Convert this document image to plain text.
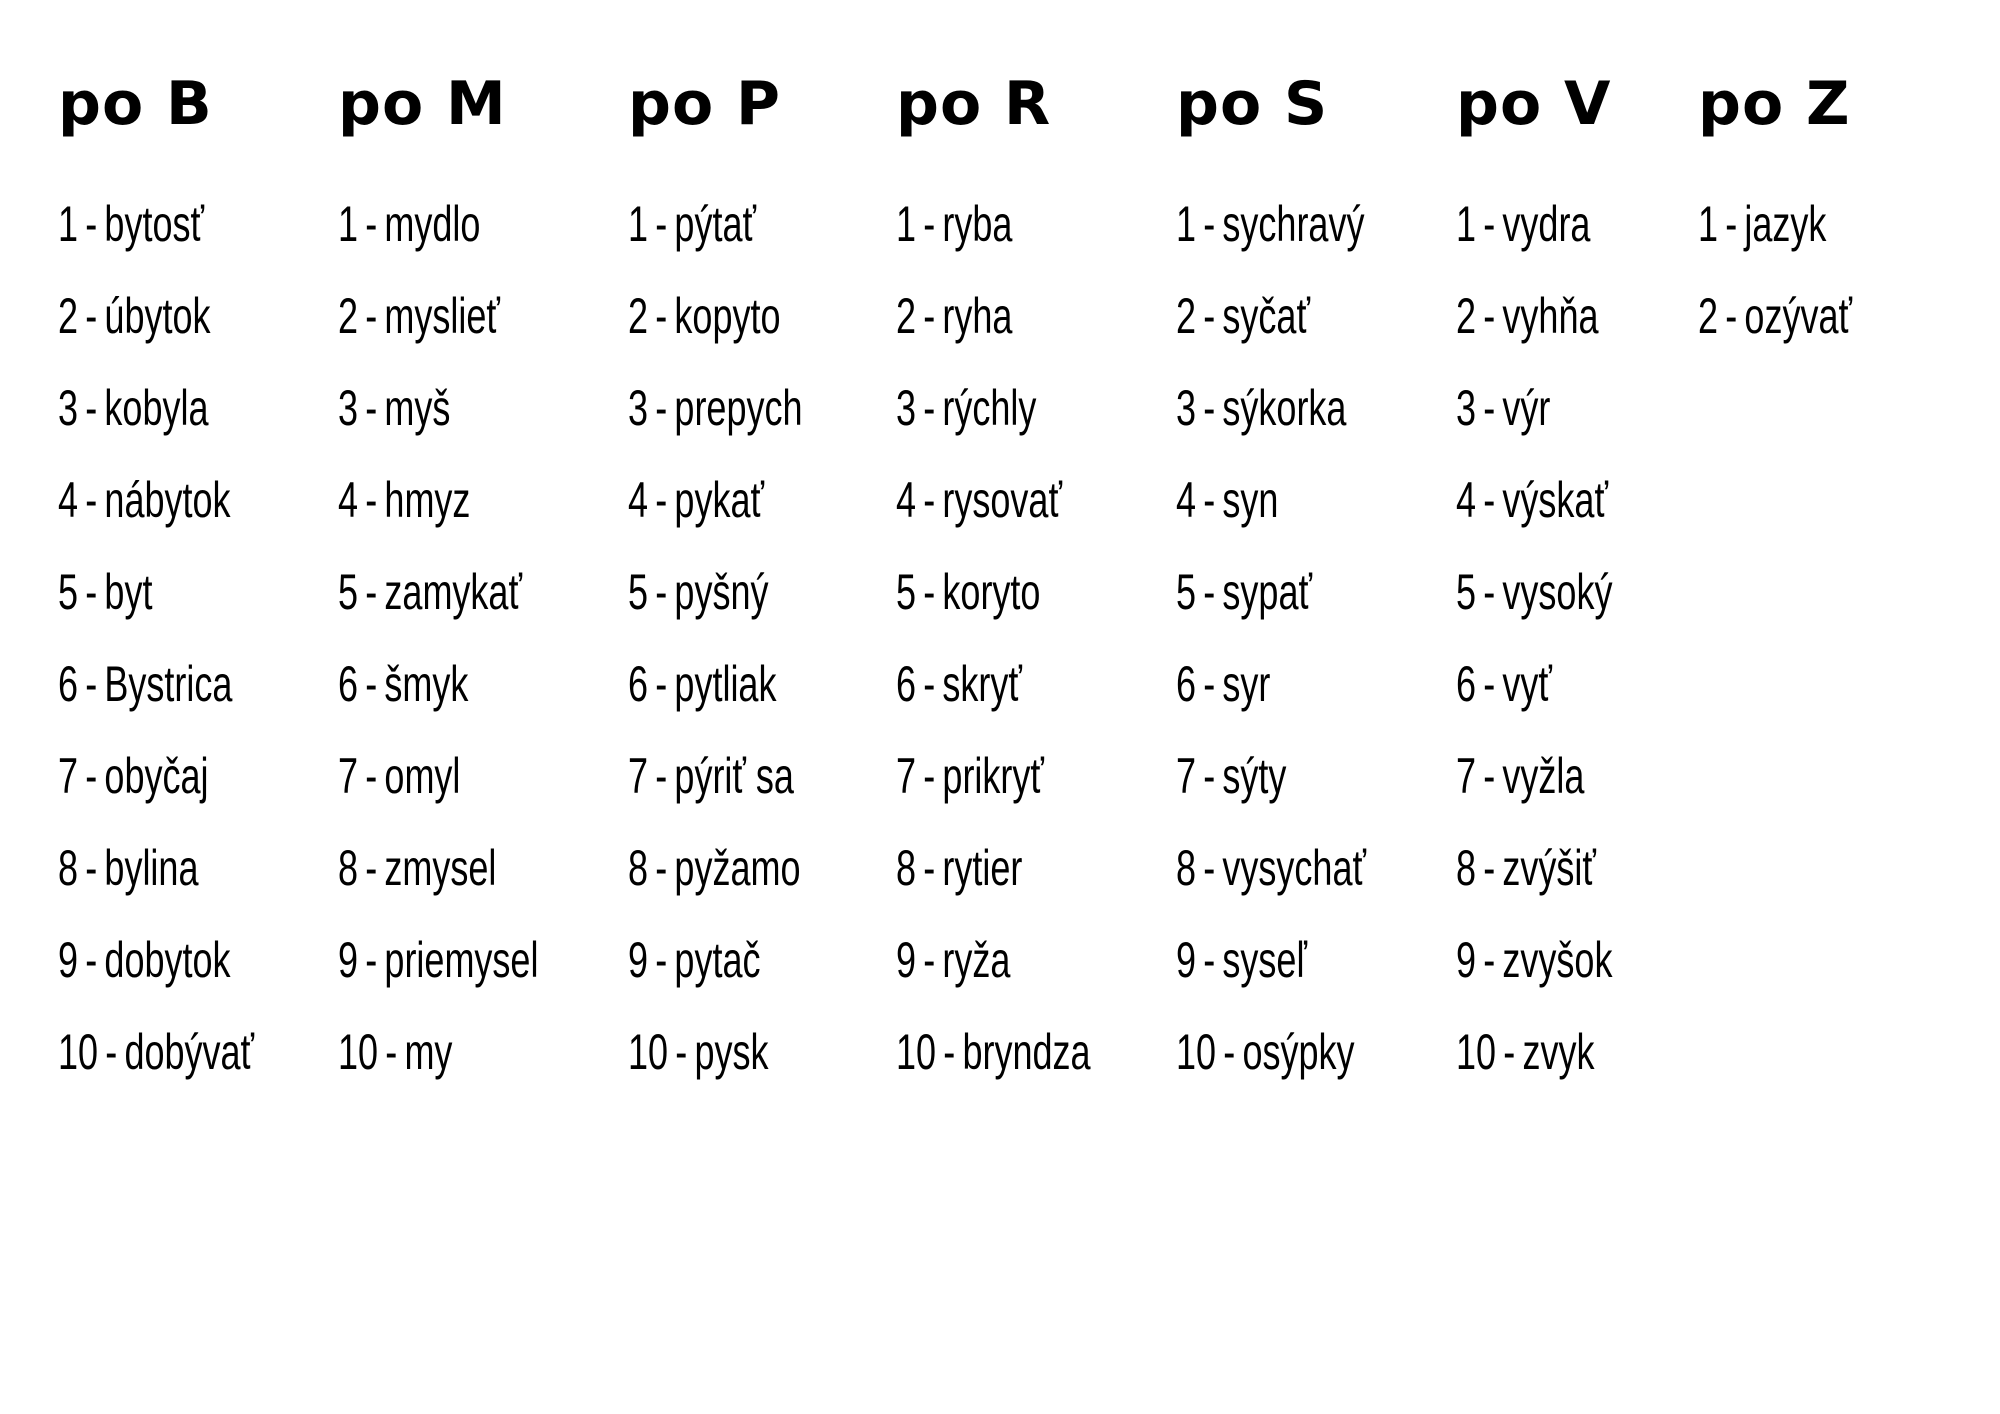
po B
1 - bytosť
2 - úbytok
3 - kobyla
4 - nábytok
5 - byt
6 - Bystrica
7 - obyčaj
8 - bylina
9 - dobytok
10 - dobývať
po M
1 - mydlo
2 - myslieť
3 - myš
4 - hmyz
5 - zamykať
6 - šmyk
7 - omyl
8 - zmysel
9 - priemysel
10 - my
po P
1 - pýtať
2 - kopyto
3 - prepych
4 - pykať
5 - pyšný
6 - pytliak
7 - pýriť sa
8 - pyžamo
9 - pytač
10 - pysk
po R
1 - ryba
2 - ryha
3 - rýchly
4 - rysovať
5 - koryto
6 - skryť
7 - prikryť
8 - rytier
9 - ryža
10 - bryndza
po S
1 - sychravý
2 - syčať
3 - sýkorka
4 - syn
5 - sypať
6 - syr
7 - sýty
8 - vysychať
9 - syseľ
10 - osýpky
po V
1 - vydra
2 - vyhňa
3 - výr
4 - výskať
5 - vysoký
6 - vyť
7 - vyžla
8 - zvýšiť
9 - zvyšok
10 - zvyk
po Z
1 - jazyk
2 - ozývať
